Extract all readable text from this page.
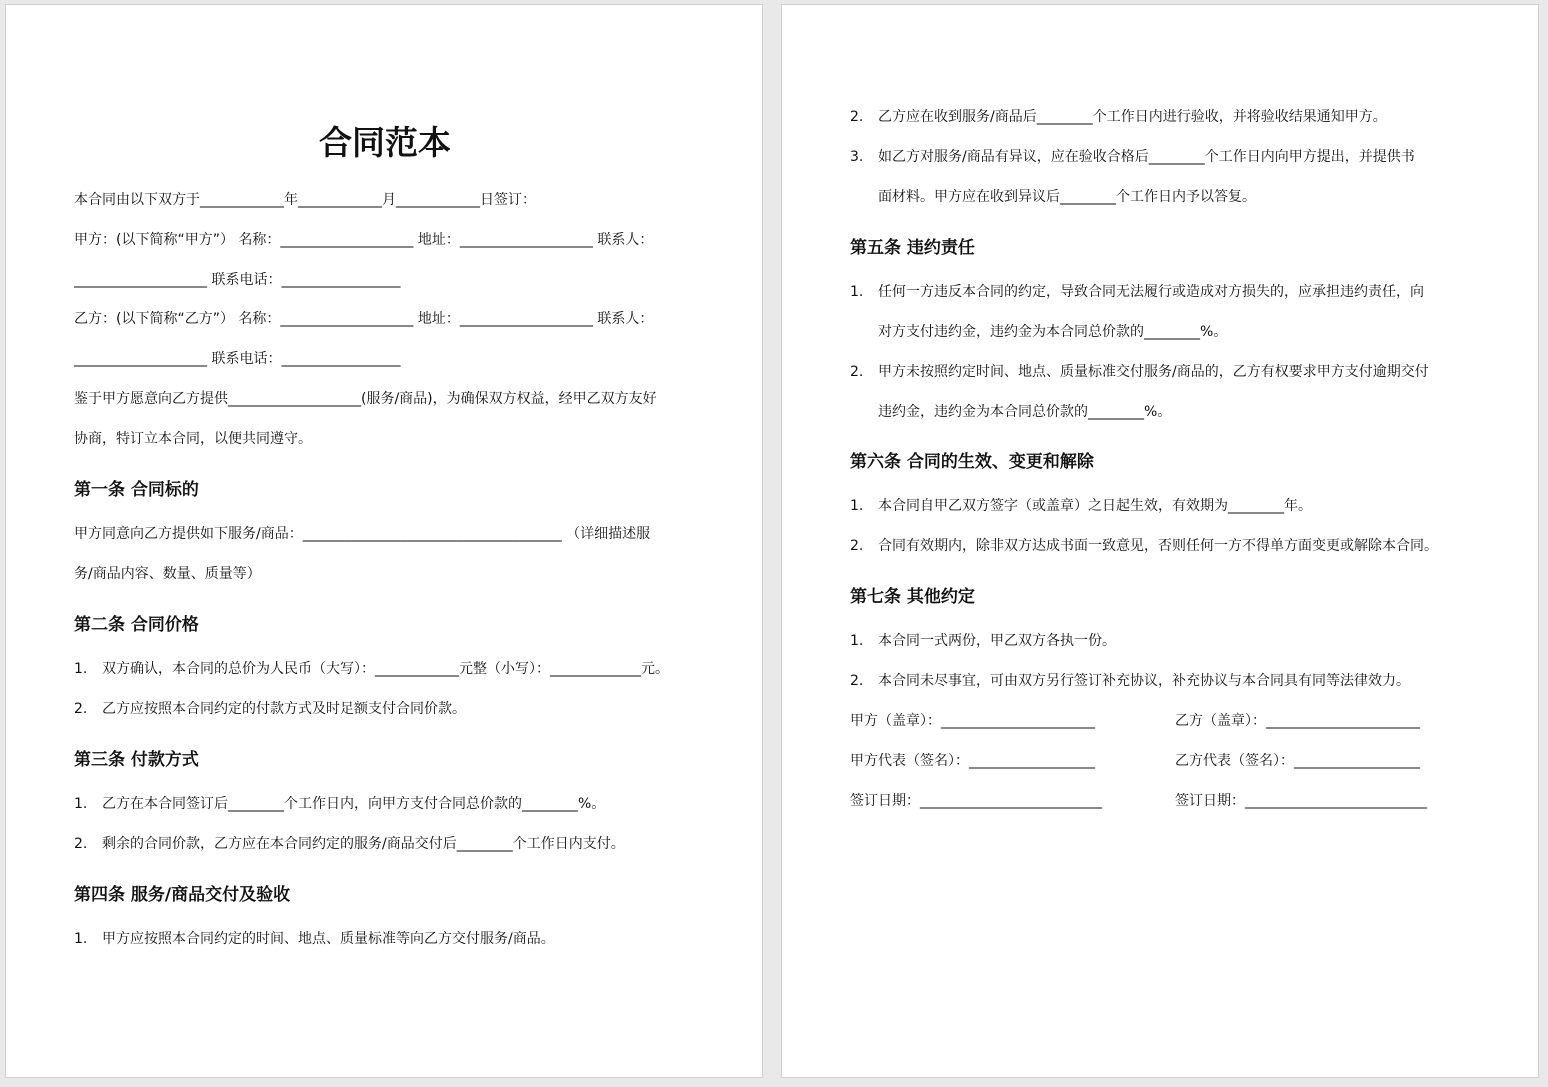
合同范本
本合同由以下双方于____________年____________月____________日签订：
甲方：(以下简称“甲方”） 名称：___________________ 地址：___________________ 联系人：
___________________ 联系电话：_________________
乙方：(以下简称“乙方”） 名称：___________________ 地址：___________________ 联系人：
___________________ 联系电话：_________________
鉴于甲方愿意向乙方提供___________________(服务/商品)，为确保双方权益，经甲乙双方友好
协商，特订立本合同，以便共同遵守。
第一条 合同标的
甲方同意向乙方提供如下服务/商品：_____________________________________ （详细描述服
务/商品内容、数量、质量等）
第二条 合同价格
1. 双方确认，本合同的总价为人民币（大写）：____________元整（小写）：_____________元。
2. 乙方应按照本合同约定的付款方式及时足额支付合同价款。
第三条 付款方式
1. 乙方在本合同签订后________个工作日内，向甲方支付合同总价款的________%。
2. 剩余的合同价款，乙方应在本合同约定的服务/商品交付后________个工作日内支付。
第四条 服务/商品交付及验收
1. 甲方应按照本合同约定的时间、地点、质量标准等向乙方交付服务/商品。
2. 乙方应在收到服务/商品后________个工作日内进行验收，并将验收结果通知甲方。
3. 如乙方对服务/商品有异议，应在验收合格后________个工作日内向甲方提出，并提供书
面材料。甲方应在收到异议后________个工作日内予以答复。
第五条 违约责任
1. 任何一方违反本合同的约定，导致合同无法履行或造成对方损失的，应承担违约责任，向
对方支付违约金，违约金为本合同总价款的________%。
2. 甲方未按照约定时间、地点、质量标准交付服务/商品的，乙方有权要求甲方支付逾期交付
违约金，违约金为本合同总价款的________%。
第六条 合同的生效、变更和解除
1. 本合同自甲乙双方签字（或盖章）之日起生效，有效期为________年。
2. 合同有效期内，除非双方达成书面一致意见，否则任何一方不得单方面变更或解除本合同。
第七条 其他约定
1. 本合同一式两份，甲乙双方各执一份。
2. 本合同未尽事宜，可由双方另行签订补充协议，补充协议与本合同具有同等法律效力。
甲方（盖章）：______________________	乙方（盖章）：______________________
甲方代表（签名）：__________________	乙方代表（签名）：__________________
签订日期：__________________________	签订日期：__________________________
